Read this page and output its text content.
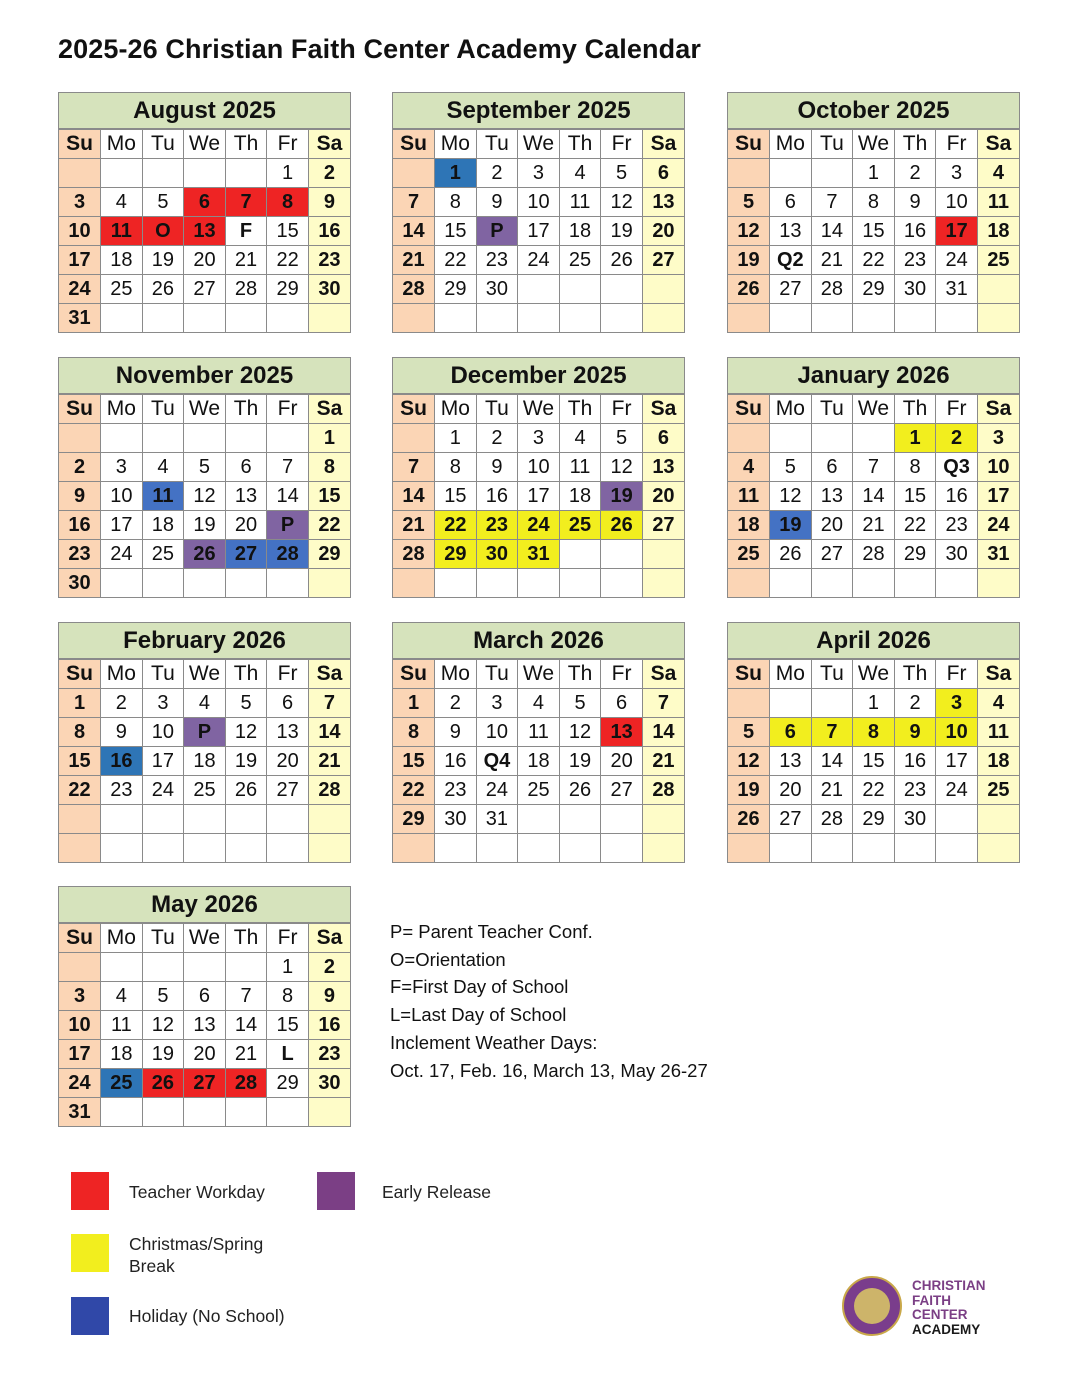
2025-26 Christian Faith Center Academy Calendar
August 2025
Su	Mo	Tu	We	Th	Fr	Sa
					1	2
3	4	5	6	7	8	9
10	11	O	13	F	15	16
17	18	19	20	21	22	23
24	25	26	27	28	29	30
31						
September 2025
Su	Mo	Tu	We	Th	Fr	Sa
	1	2	3	4	5	6
7	8	9	10	11	12	13
14	15	P	17	18	19	20
21	22	23	24	25	26	27
28	29	30				

October 2025
Su	Mo	Tu	We	Th	Fr	Sa
			1	2	3	4
5	6	7	8	9	10	11
12	13	14	15	16	17	18
19	Q2	21	22	23	24	25
26	27	28	29	30	31	

November 2025
Su	Mo	Tu	We	Th	Fr	Sa
						1
2	3	4	5	6	7	8
9	10	11	12	13	14	15
16	17	18	19	20	P	22
23	24	25	26	27	28	29
30						
December 2025
Su	Mo	Tu	We	Th	Fr	Sa
	1	2	3	4	5	6
7	8	9	10	11	12	13
14	15	16	17	18	19	20
21	22	23	24	25	26	27
28	29	30	31			

January 2026
Su	Mo	Tu	We	Th	Fr	Sa
				1	2	3
4	5	6	7	8	Q3	10
11	12	13	14	15	16	17
18	19	20	21	22	23	24
25	26	27	28	29	30	31

February 2026
Su	Mo	Tu	We	Th	Fr	Sa
1	2	3	4	5	6	7
8	9	10	P	12	13	14
15	16	17	18	19	20	21
22	23	24	25	26	27	28

March 2026
Su	Mo	Tu	We	Th	Fr	Sa
1	2	3	4	5	6	7
8	9	10	11	12	13	14
15	16	Q4	18	19	20	21
22	23	24	25	26	27	28
29	30	31				

April 2026
Su	Mo	Tu	We	Th	Fr	Sa
			1	2	3	4
5	6	7	8	9	10	11
12	13	14	15	16	17	18
19	20	21	22	23	24	25
26	27	28	29	30		

May 2026
Su	Mo	Tu	We	Th	Fr	Sa
					1	2
3	4	5	6	7	8	9
10	11	12	13	14	15	16
17	18	19	20	21	L	23
24	25	26	27	28	29	30
31						
P= Parent Teacher Conf.
O=Orientation
F=First Day of School
L=Last Day of School
Inclement Weather Days:
Oct. 17, Feb. 16, March 13, May 26-27
Teacher Workday	Early Release
Christmas/Spring
Break
Holiday (No School)
CHRISTIAN
FAITH
CENTER
ACADEMY
